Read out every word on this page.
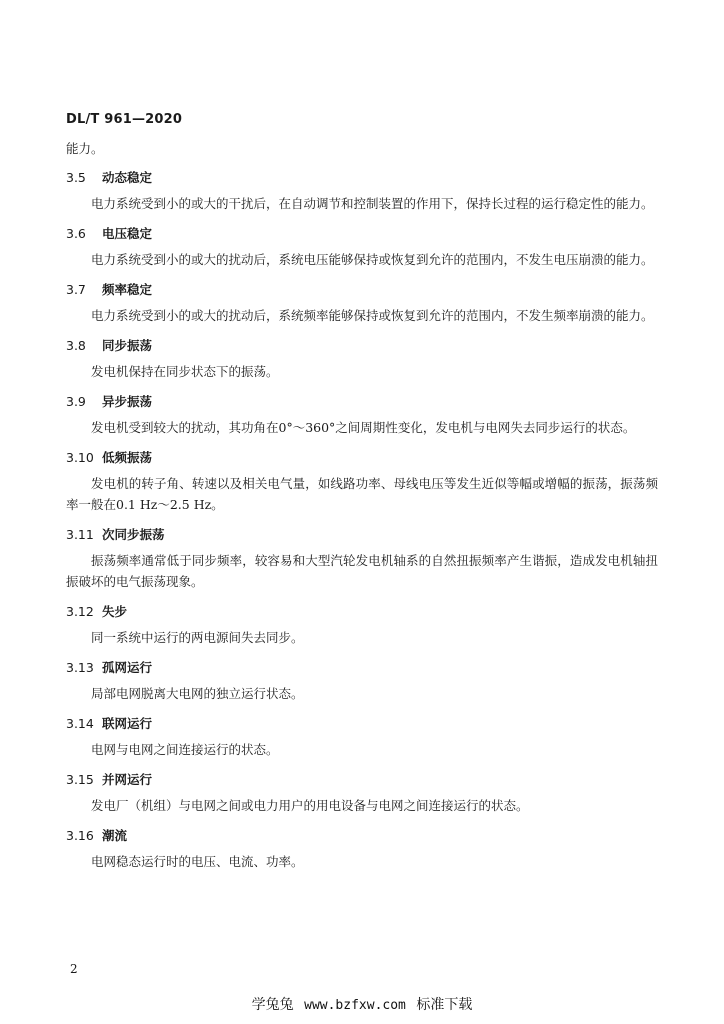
DL/T 961—2020

能力。

3.5 动态稳定

电力系统受到小的或大的干扰后，在自动调节和控制装置的作用下，保持长过程的运行稳定性的能力。

3.6 电压稳定

电力系统受到小的或大的扰动后，系统电压能够保持或恢复到允许的范围内，不发生电压崩溃的能力。

3.7 频率稳定

电力系统受到小的或大的扰动后，系统频率能够保持或恢复到允许的范围内，不发生频率崩溃的能力。

3.8 同步振荡

发电机保持在同步状态下的振荡。

3.9 异步振荡

发电机受到较大的扰动，其功角在0°～360°之间周期性变化，发电机与电网失去同步运行的状态。

3.10 低频振荡

发电机的转子角、转速以及相关电气量，如线路功率、母线电压等发生近似等幅或增幅的振荡，振荡频率一般在0.1 Hz～2.5 Hz。

3.11 次同步振荡

振荡频率通常低于同步频率，较容易和大型汽轮发电机轴系的自然扭振频率产生谐振，造成发电机轴扭振破坏的电气振荡现象。

3.12 失步

同一系统中运行的两电源间失去同步。

3.13 孤网运行

局部电网脱离大电网的独立运行状态。

3.14 联网运行

电网与电网之间连接运行的状态。

3.15 并网运行

发电厂（机组）与电网之间或电力用户的用电设备与电网之间连接运行的状态。

3.16 潮流

电网稳态运行时的电压、电流、功率。

2
学兔兔 www.bzfxw.com 标准下载
